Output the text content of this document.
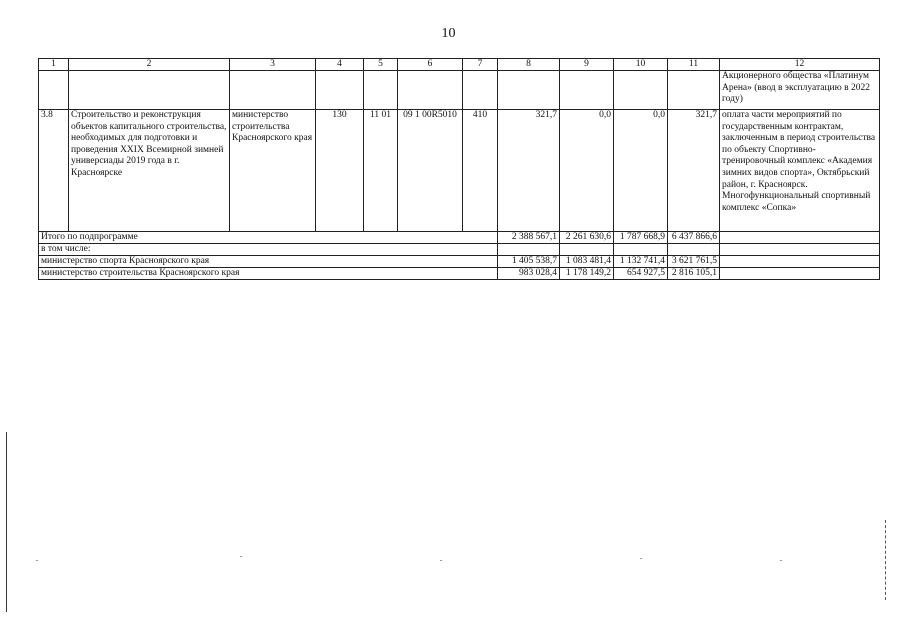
10
1	2	3	4	5	6	7	8	9	10	11	12
											Акционерного общества «Платинум Арена» (ввод в эксплуатацию в 2022 году)
3.8	Строительство и реконструкция объектов капитального строительства, необходимых для подготовки и проведения XXIX Всемирной зимней универсиады 2019 года в г. Красноярске	министерство строительства Красноярского края	130	11 01	09 1 00R5010	410	321,7	0,0	0,0	321,7	оплата части мероприятий по государственным контрактам, заключенным в период строительства по объекту Спортивно-тренировочный комплекс «Академия зимних видов спорта», Октябрьский район, г. Красноярск. Многофункциональный спортивный комплекс «Сопка»
Итого по подпрограмме							2 388 567,1	2 261 630,6	1 787 668,9	6 437 866,6	
в том числе:											
министерство спорта Красноярского края							1 405 538,7	1 083 481,4	1 132 741,4	3 621 761,5	
министерство строительства Красноярского края							983 028,4	1 178 149,2	654 927,5	2 816 105,1	
